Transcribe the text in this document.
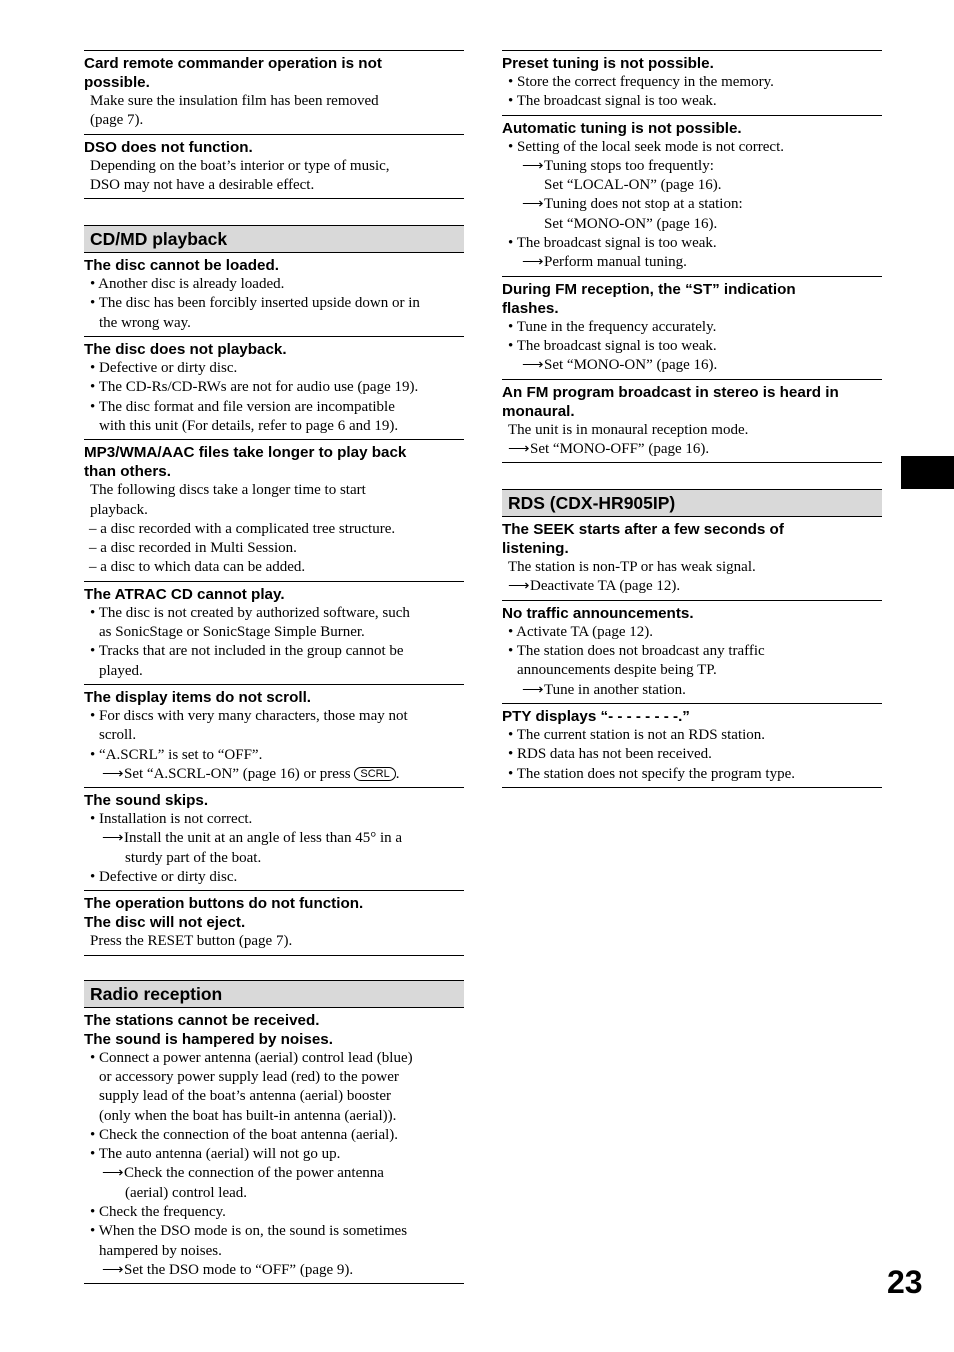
Card remote commander operation is not
possible.
Make sure the insulation film has been removed
(page 7).
DSO does not function.
Depending on the boat’s interior or type of music,
DSO may not have a desirable effect.
CD/MD playback
The disc cannot be loaded.
• Another disc is already loaded.
• The disc has been forcibly inserted upside down or in
the wrong way.
The disc does not playback.
• Defective or dirty disc.
• The CD-Rs/CD-RWs are not for audio use (page 19).
• The disc format and file version are incompatible
with this unit (For details, refer to page 6 and 19).
MP3/WMA/AAC files take longer to play back
than others.
The following discs take a longer time to start
playback.
– a disc recorded with a complicated tree structure.
– a disc recorded in Multi Session.
– a disc to which data can be added.
The ATRAC CD cannot play.
• The disc is not created by authorized software, such
as SonicStage or SonicStage Simple Burner.
• Tracks that are not included in the group cannot be
played.
The display items do not scroll.
• For discs with very many characters, those may not
scroll.
• “A.SCRL” is set to “OFF”.
⟶Set “A.SCRL-ON” (page 16) or press SCRL .
The sound skips.
• Installation is not correct.
⟶Install the unit at an angle of less than 45° in a
sturdy part of the boat.
• Defective or dirty disc.
The operation buttons do not function.
The disc will not eject.
Press the RESET button (page 7).
Radio reception
The stations cannot be received.
The sound is hampered by noises.
• Connect a power antenna (aerial) control lead (blue)
or accessory power supply lead (red) to the power
supply lead of the boat’s antenna (aerial) booster
(only when the boat has built-in antenna (aerial)).
• Check the connection of the boat antenna (aerial).
• The auto antenna (aerial) will not go up.
⟶Check the connection of the power antenna
(aerial) control lead.
• Check the frequency.
• When the DSO mode is on, the sound is sometimes
hampered by noises.
⟶Set the DSO mode to “OFF” (page 9).
Preset tuning is not possible.
• Store the correct frequency in the memory.
• The broadcast signal is too weak.
Automatic tuning is not possible.
• Setting of the local seek mode is not correct.
⟶Tuning stops too frequently:
Set “LOCAL-ON” (page 16).
⟶Tuning does not stop at a station:
Set “MONO-ON” (page 16).
• The broadcast signal is too weak.
⟶Perform manual tuning.
During FM reception, the “ST” indication
flashes.
• Tune in the frequency accurately.
• The broadcast signal is too weak.
⟶Set “MONO-ON” (page 16).
An FM program broadcast in stereo is heard in
monaural.
The unit is in monaural reception mode.
⟶Set “MONO-OFF” (page 16).
RDS (CDX-HR905IP)
The SEEK starts after a few seconds of
listening.
The station is non-TP or has weak signal.
⟶Deactivate TA (page 12).
No traffic announcements.
• Activate TA (page 12).
• The station does not broadcast any traffic
announcements despite being TP.
⟶Tune in another station.
PTY displays “- - - - - - - -.”
• The current station is not an RDS station.
• RDS data has not been received.
• The station does not specify the program type.
23
